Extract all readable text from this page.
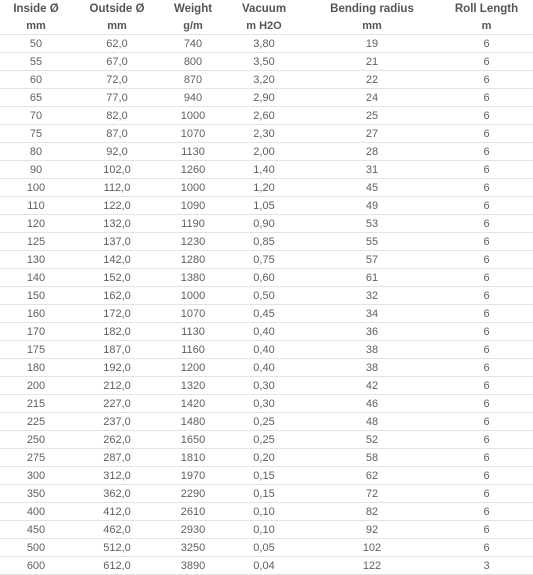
Inside Ø	Outside Ø	Weight	Vacuum	Bending radius	Roll Length
mm	mm	g/m	m H2O	mm	m
50	62,0	740	3,80	19	6
55	67,0	800	3,50	21	6
60	72,0	870	3,20	22	6
65	77,0	940	2,90	24	6
70	82,0	1000	2,60	25	6
75	87,0	1070	2,30	27	6
80	92,0	1130	2,00	28	6
90	102,0	1260	1,40	31	6
100	112,0	1000	1,20	45	6
110	122,0	1090	1,05	49	6
120	132,0	1190	0,90	53	6
125	137,0	1230	0,85	55	6
130	142,0	1280	0,75	57	6
140	152,0	1380	0,60	61	6
150	162,0	1000	0,50	32	6
160	172,0	1070	0,45	34	6
170	182,0	1130	0,40	36	6
175	187,0	1160	0,40	38	6
180	192,0	1200	0,40	38	6
200	212,0	1320	0,30	42	6
215	227,0	1420	0,30	46	6
225	237,0	1480	0,25	48	6
250	262,0	1650	0,25	52	6
275	287,0	1810	0,20	58	6
300	312,0	1970	0,15	62	6
350	362,0	2290	0,15	72	6
400	412,0	2610	0,10	82	6
450	462,0	2930	0,10	92	6
500	512,0	3250	0,05	102	6
600	612,0	3890	0,04	122	3
